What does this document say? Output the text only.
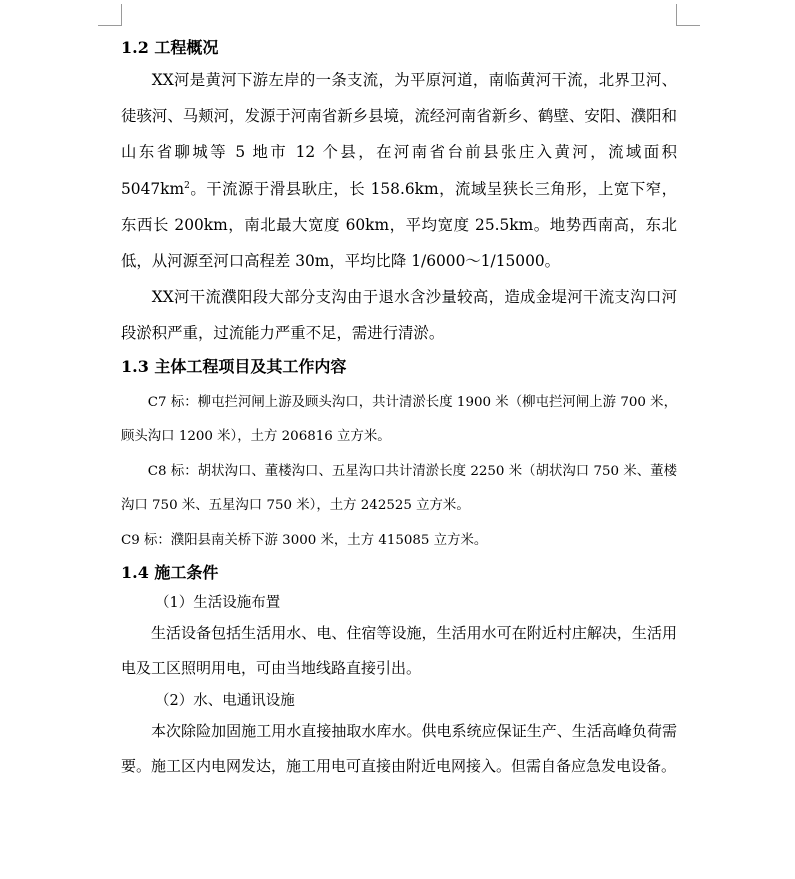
1.2 工程概况

XX河是黄河下游左岸的一条支流，为平原河道，南临黄河干流，北界卫河、徒骇河、马颊河，发源于河南省新乡县境，流经河南省新乡、鹤壁、安阳、濮阳和山东省聊城等 5 地市 12 个县，在河南省台前县张庄入黄河，流域面积 $5047km^2$。干流源于滑县耿庄，长 158.6km，流域呈狭长三角形，上宽下窄，东西长 200km，南北最大宽度 60km，平均宽度 25.5km。地势西南高，东北低，从河源至河口高程差 30m，平均比降 1/6000～1/15000。

XX河干流濮阳段大部分支沟由于退水含沙量较高，造成金堤河干流支沟口河段淤积严重，过流能力严重不足，需进行清淤。

1.3 主体工程项目及其工作内容

C7 标：柳屯拦河闸上游及顾头沟口，共计清淤长度 1900 米（柳屯拦河闸上游 700 米，顾头沟口 1200 米），土方 206816 立方米。

C8 标：胡状沟口、董楼沟口、五星沟口共计清淤长度 2250 米（胡状沟口 750 米、董楼沟口 750 米、五星沟口 750 米），土方 242525 立方米。

C9 标：濮阳县南关桥下游 3000 米，土方 415085 立方米。

1.4 施工条件

（1）生活设施布置

生活设备包括生活用水、电、住宿等设施，生活用水可在附近村庄解决，生活用电及工区照明用电，可由当地线路直接引出。

（2）水、电通讯设施

本次除险加固施工用水直接抽取水库水。供电系统应保证生产、生活高峰负荷需要。施工区内电网发达，施工用电可直接由附近电网接入。但需自备应急发电设备。
